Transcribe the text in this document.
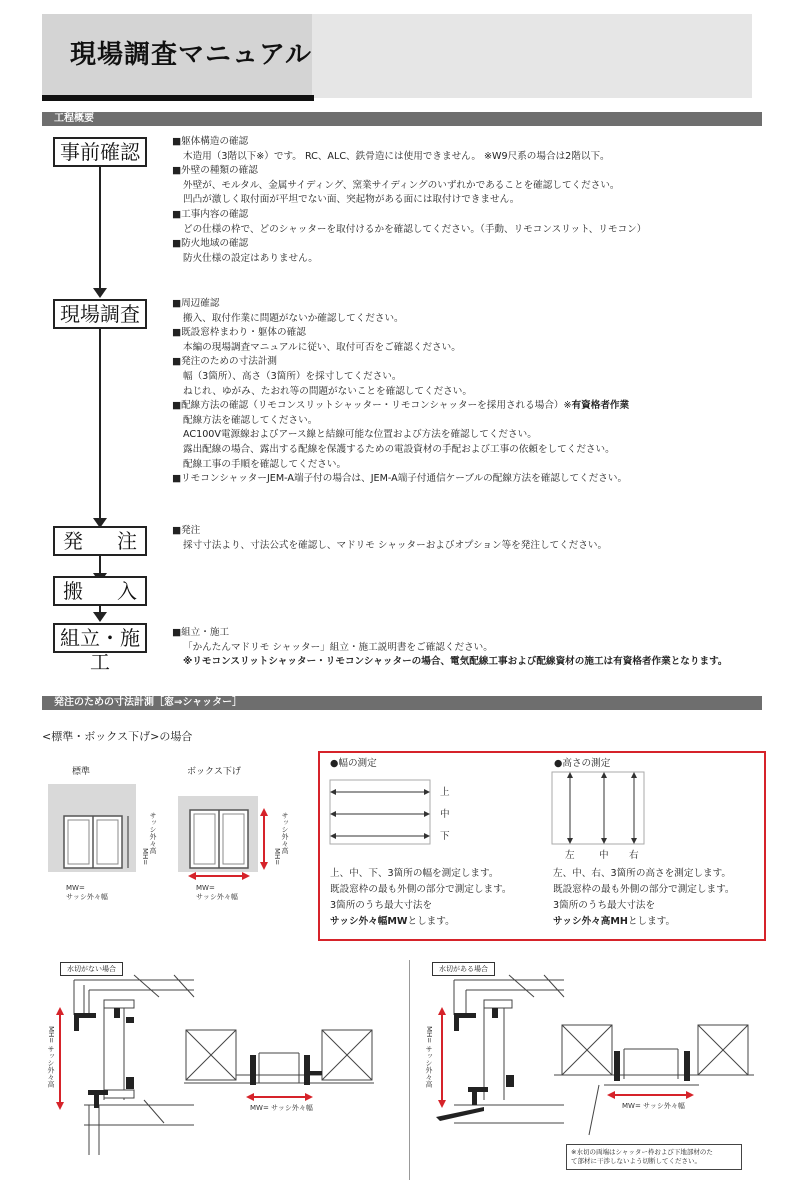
現場調査マニュアル
工程概要
事前確認
現場調査
発 注
搬 入
組立・施工

■躯体構造の確認

木造用（3階以下※）です。 RC、ALC、鉄骨造には使用できません。 ※W9尺系の場合は2階以下。

■外壁の種類の確認

外壁が、モルタル、金属サイディング、窯業サイディングのいずれかであることを確認してください。

凹凸が激しく取付面が平坦でない面、突起物がある面には取付けできません。

■工事内容の確認

どの仕様の枠で、どのシャッターを取付けるかを確認してください。（手動、リモコンスリット、リモコン）

■防火地域の確認

防火仕様の設定はありません。

■周辺確認

搬入、取付作業に問題がないか確認してください。

■既設窓枠まわり・躯体の確認

本編の現場調査マニュアルに従い、取付可否をご確認ください。

■発注のための寸法計測

幅（3箇所）、高さ（3箇所）を採寸してください。

ねじれ、ゆがみ、たおれ等の問題がないことを確認してください。

■配線方法の確認（リモコンスリットシャッター・リモコンシャッターを採用される場合）※有資格者作業

配線方法を確認してください。

AC100V電源線およびアース線と結線可能な位置および方法を確認してください。

露出配線の場合、露出する配線を保護するための電設資材の手配および工事の依頼をしてください。

配線工事の手順を確認してください。

■リモコンシャッターJEM-A端子付の場合は、JEM-A端子付通信ケーブルの配線方法を確認してください。

■発注

採寸寸法より、寸法公式を確認し、マドリモ シャッターおよびオプション等を発注してください。

■組立・施工

「かんたんマドリモ シャッター」組立・施工説明書をご確認ください。

※リモコンスリットシャッター・リモコンシャッターの場合、電気配線工事および配線資材の施工は有資格者作業となります。

発注のための寸法計測［窓⇒シャッター］
<標準・ボックス下げ>の場合
標準	ボックス下げ
MW=
サッシ外々幅
MW=
サッシ外々幅
MH=
サッシ外々高
MH=
サッシ外々高
●幅の測定	●高さの測定
上
中
下
左	中 右
上、中、下、3箇所の幅を測定します。
既設窓枠の最も外側の部分で測定します。
3箇所のうち最大寸法を
サッシ外々幅MWとします。
左、中、右、3箇所の高さを測定します。
既設窓枠の最も外側の部分で測定します。
3箇所のうち最大寸法を
サッシ外々高MHとします。
水切がない場合	水切がある場合
MH= サッシ外々高
MW= サッシ外々幅
MH= サッシ外々高
MW= サッシ外々幅
※水切の両端はシャッター枠および下地部材のた
て部材に干渉しないよう切断してください。
